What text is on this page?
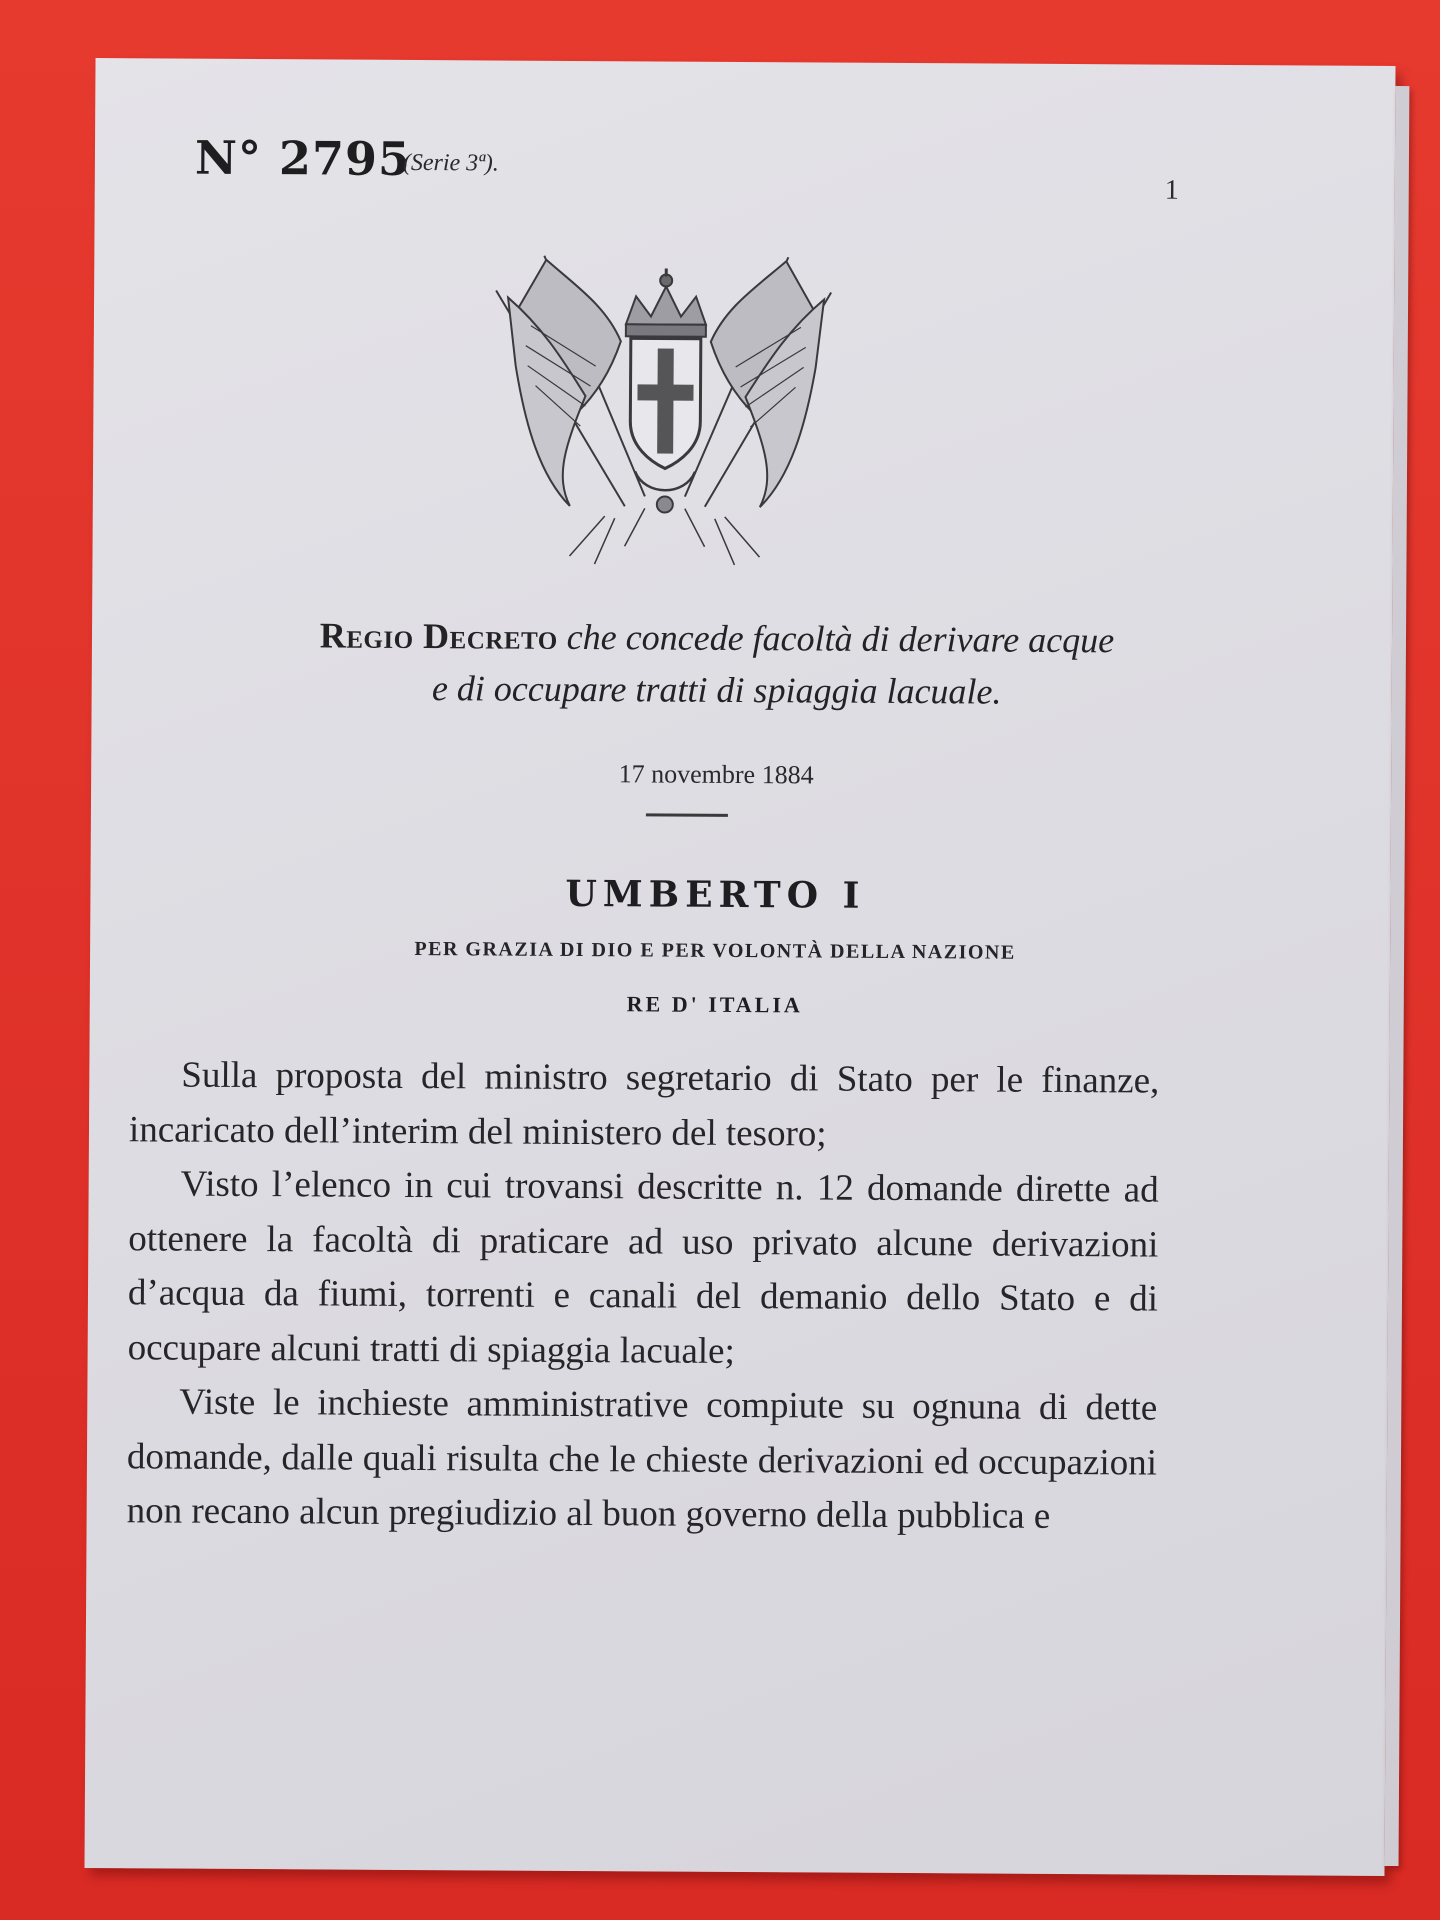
N° 2795
(Serie 3ª).
1
Regio Decreto che concede facoltà di derivare acque
e di occupare tratti di spiaggia lacuale.
17 novembre 1884
UMBERTO I
PER GRAZIA DI DIO E PER VOLONTÀ DELLA NAZIONE
RE D' ITALIA

Sulla proposta del ministro segretario di Stato per le finanze, incaricato dell’interim del ministero del tesoro;

Visto l’elenco in cui trovansi descritte n. 12 domande dirette ad ottenere la facoltà di praticare ad uso privato alcune derivazioni d’acqua da fiumi, torrenti e canali del demanio dello Stato e di occupare alcuni tratti di spiaggia lacuale;

Viste le inchieste amministrative compiute su ognuna di dette domande, dalle quali risulta che le chieste derivazioni ed occupazioni non recano alcun pregiudizio al buon governo della pubblica e
